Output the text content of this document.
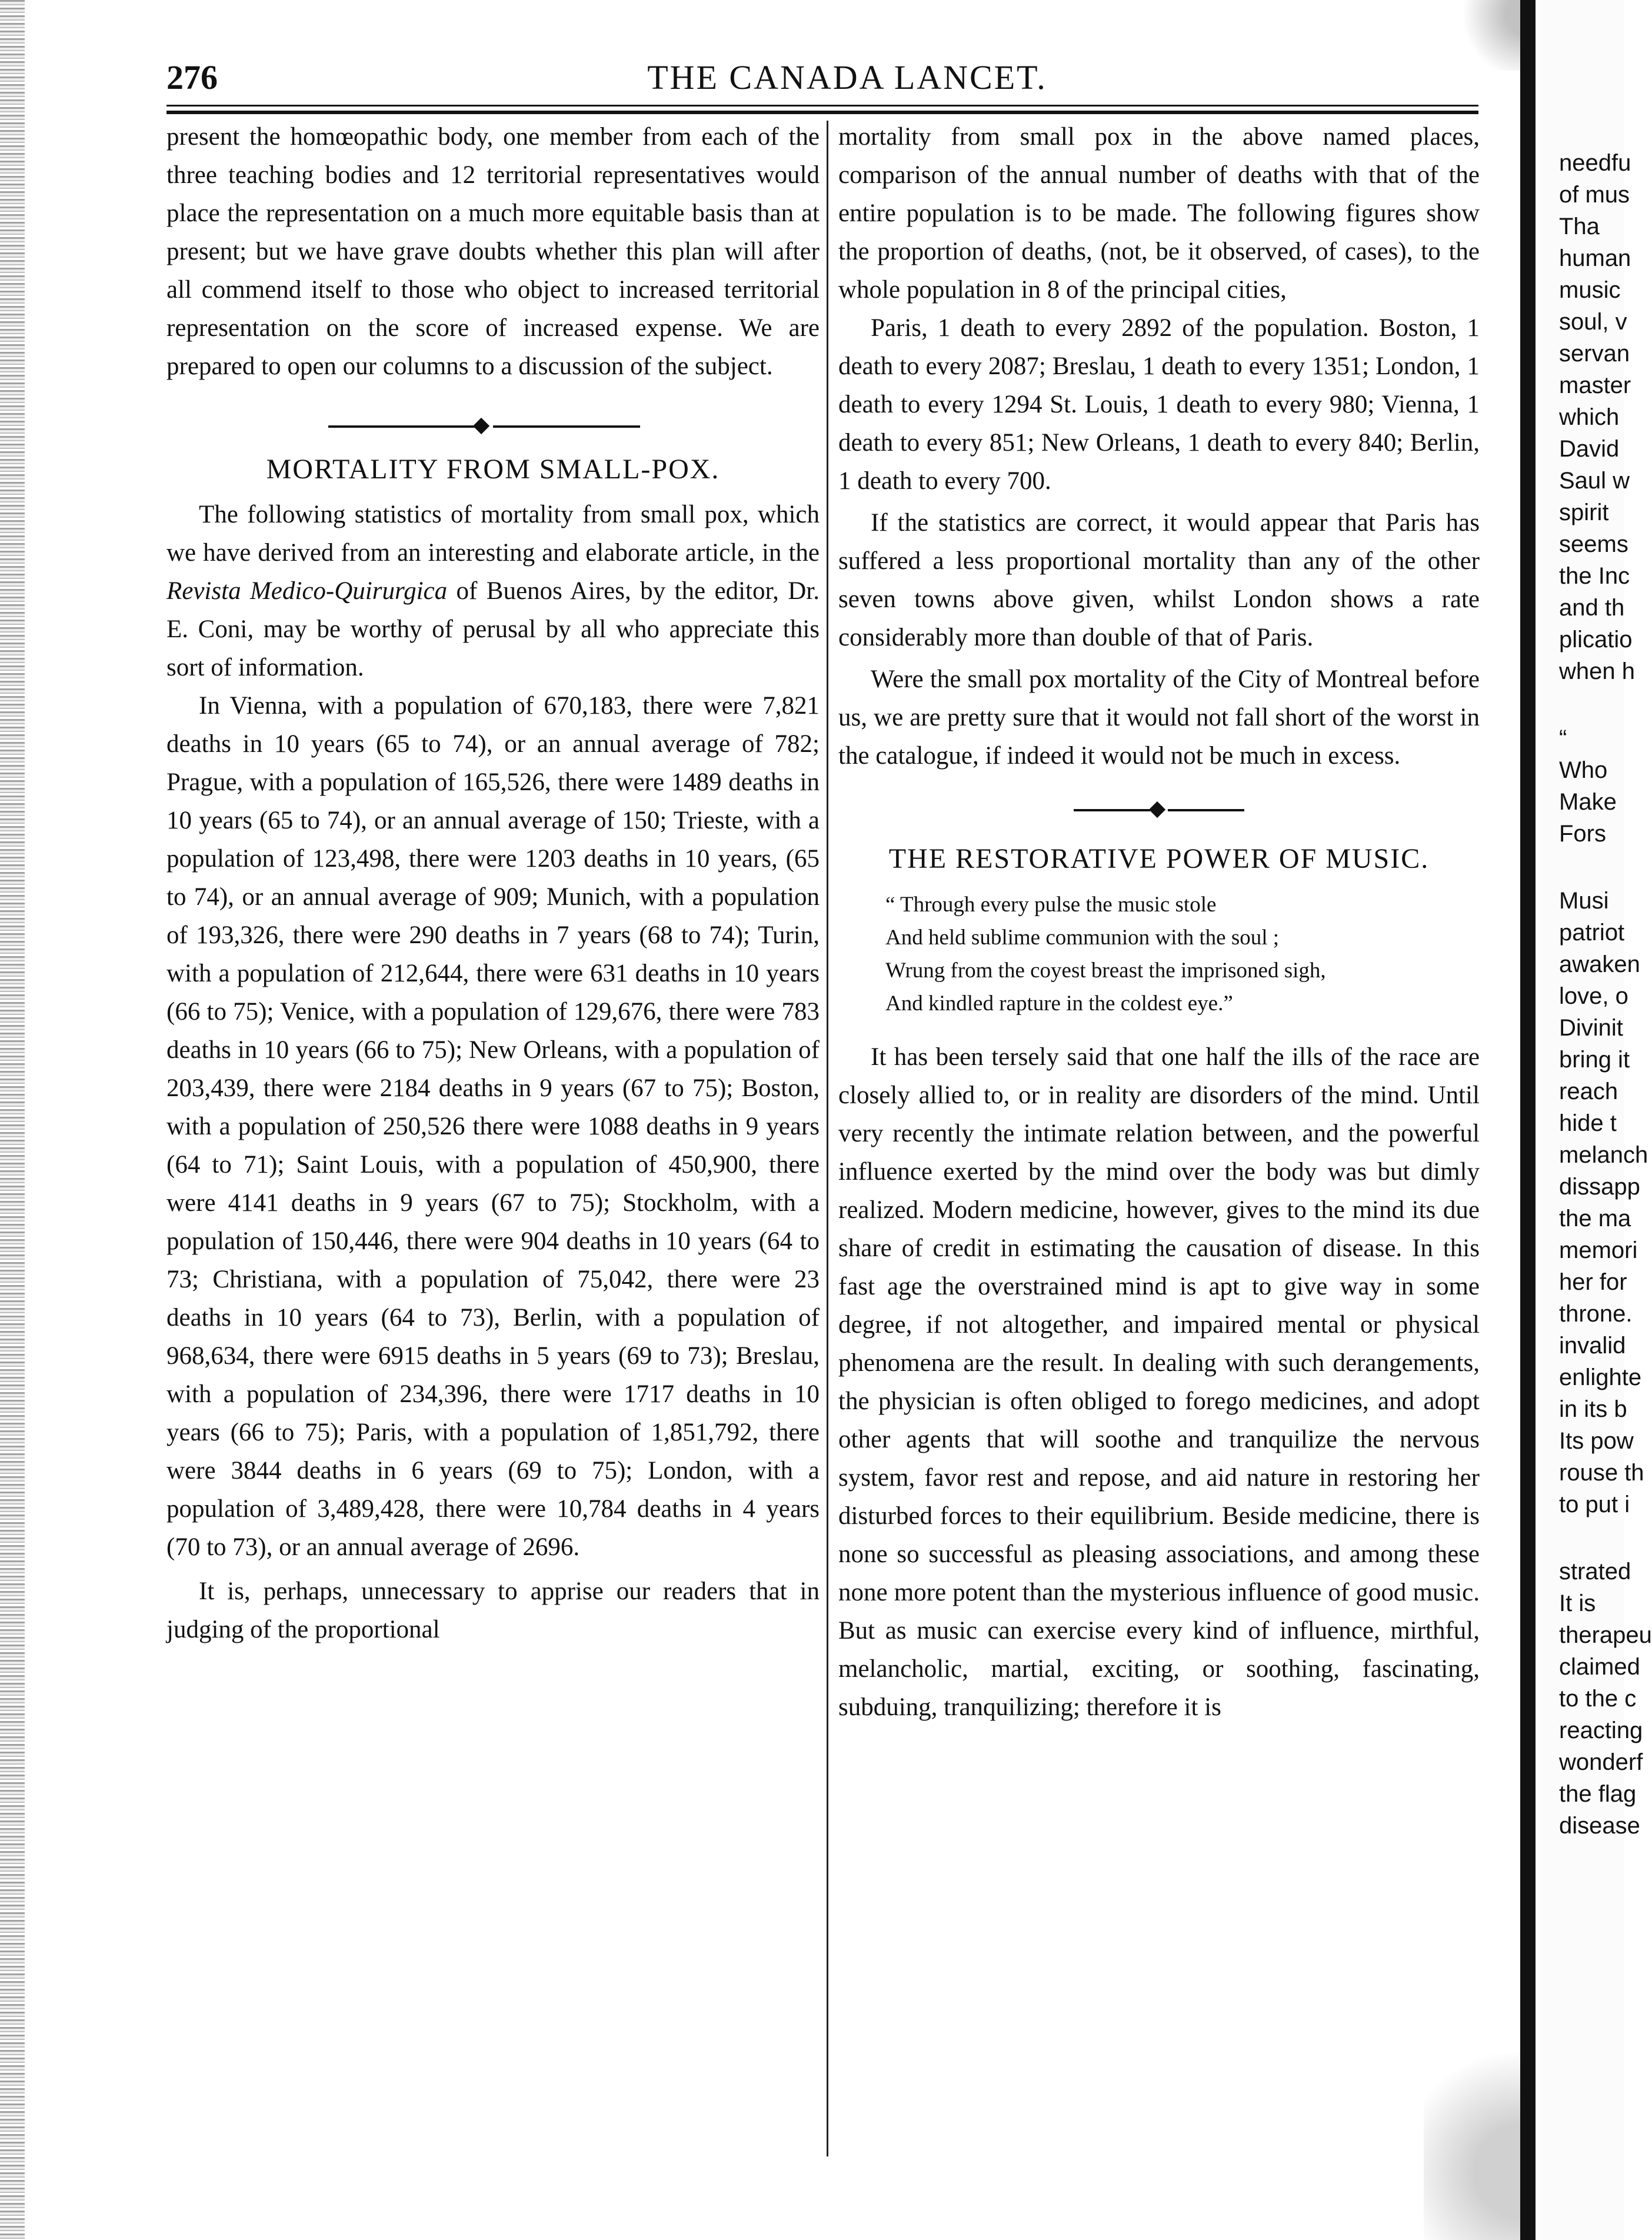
276	THE CANADA LANCET.

present the homœopathic body, one member from each of the three teaching bodies and 12 territorial representatives would place the representation on a much more equitable basis than at present; but we have grave doubts whether this plan will after all commend itself to those who object to increased territorial representation on the score of increased expense. We are prepared to open our columns to a discussion of the subject.

MORTALITY FROM SMALL-POX.

The following statistics of mortality from small pox, which we have derived from an interesting and elaborate article, in the Revista Medico-Quirurgica of Buenos Aires, by the editor, Dr. E. Coni, may be worthy of perusal by all who appreciate this sort of information.

In Vienna, with a population of 670,183, there were 7,821 deaths in 10 years (65 to 74), or an annual average of 782; Prague, with a population of 165,526, there were 1489 deaths in 10 years (65 to 74), or an annual average of 150; Trieste, with a population of 123,498, there were 1203 deaths in 10 years, (65 to 74), or an annual average of 909; Munich, with a population of 193,326, there were 290 deaths in 7 years (68 to 74); Turin, with a population of 212,644, there were 631 deaths in 10 years (66 to 75); Venice, with a population of 129,676, there were 783 deaths in 10 years (66 to 75); New Orleans, with a population of 203,439, there were 2184 deaths in 9 years (67 to 75); Boston, with a population of 250,526 there were 1088 deaths in 9 years (64 to 71); Saint Louis, with a population of 450,900, there were 4141 deaths in 9 years (67 to 75); Stockholm, with a population of 150,446, there were 904 deaths in 10 years (64 to 73; Christiana, with a population of 75,042, there were 23 deaths in 10 years (64 to 73), Berlin, with a population of 968,634, there were 6915 deaths in 5 years (69 to 73); Breslau, with a population of 234,396, there were 1717 deaths in 10 years (66 to 75); Paris, with a population of 1,851,792, there were 3844 deaths in 6 years (69 to 75); London, with a population of 3,489,428, there were 10,784 deaths in 4 years (70 to 73), or an annual average of 2696.

It is, perhaps, unnecessary to apprise our readers that in judging of the proportional

mortality from small pox in the above named places, comparison of the annual number of deaths with that of the entire population is to be made. The following figures show the proportion of deaths, (not, be it observed, of cases), to the whole population in 8 of the principal cities,

Paris, 1 death to every 2892 of the population. Boston, 1 death to every 2087; Breslau, 1 death to every 1351; London, 1 death to every 1294 St. Louis, 1 death to every 980; Vienna, 1 death to every 851; New Orleans, 1 death to every 840; Berlin, 1 death to every 700.

If the statistics are correct, it would appear that Paris has suffered a less proportional mortality than any of the other seven towns above given, whilst London shows a rate considerably more than double of that of Paris.

Were the small pox mortality of the City of Montreal before us, we are pretty sure that it would not fall short of the worst in the catalogue, if indeed it would not be much in excess.

THE RESTORATIVE POWER OF MUSIC.
“ Through every pulse the music stole
And held sublime communion with the soul ;
Wrung from the coyest breast the imprisoned sigh,
And kindled rapture in the coldest eye.”

It has been tersely said that one half the ills of the race are closely allied to, or in reality are disorders of the mind. Until very recently the intimate relation between, and the powerful influence exerted by the mind over the body was but dimly realized. Modern medicine, however, gives to the mind its due share of credit in estimating the causation of disease. In this fast age the overstrained mind is apt to give way in some degree, if not altogether, and impaired mental or physical phenomena are the result. In dealing with such derangements, the physician is often obliged to forego medicines, and adopt other agents that will soothe and tranquilize the nervous system, favor rest and repose, and aid nature in restoring her disturbed forces to their equilibrium. Beside medicine, there is none so successful as pleasing associations, and among these none more potent than the mysterious influence of good music. But as music can exercise every kind of influence, mirthful, melancholic, martial, exciting, or soothing, fascinating, subduing, tranquilizing; therefore it is

needfu
of mus
Tha
human
music
soul, v
servan
master
which
David
Saul w
spirit
seems
the Inc
and th
plicatio
when h
“
Who
Make
Fors
Musi
patriot
awaken
love, o
Divinit
bring it
reach
hide t
melanch
dissapp
the ma
memori
her for
throne.
invalid
enlighte
in its b
Its pow
rouse th
to put i
strated
It is
therapeu
claimed
to the c
reacting
wonderf
the flag
disease
